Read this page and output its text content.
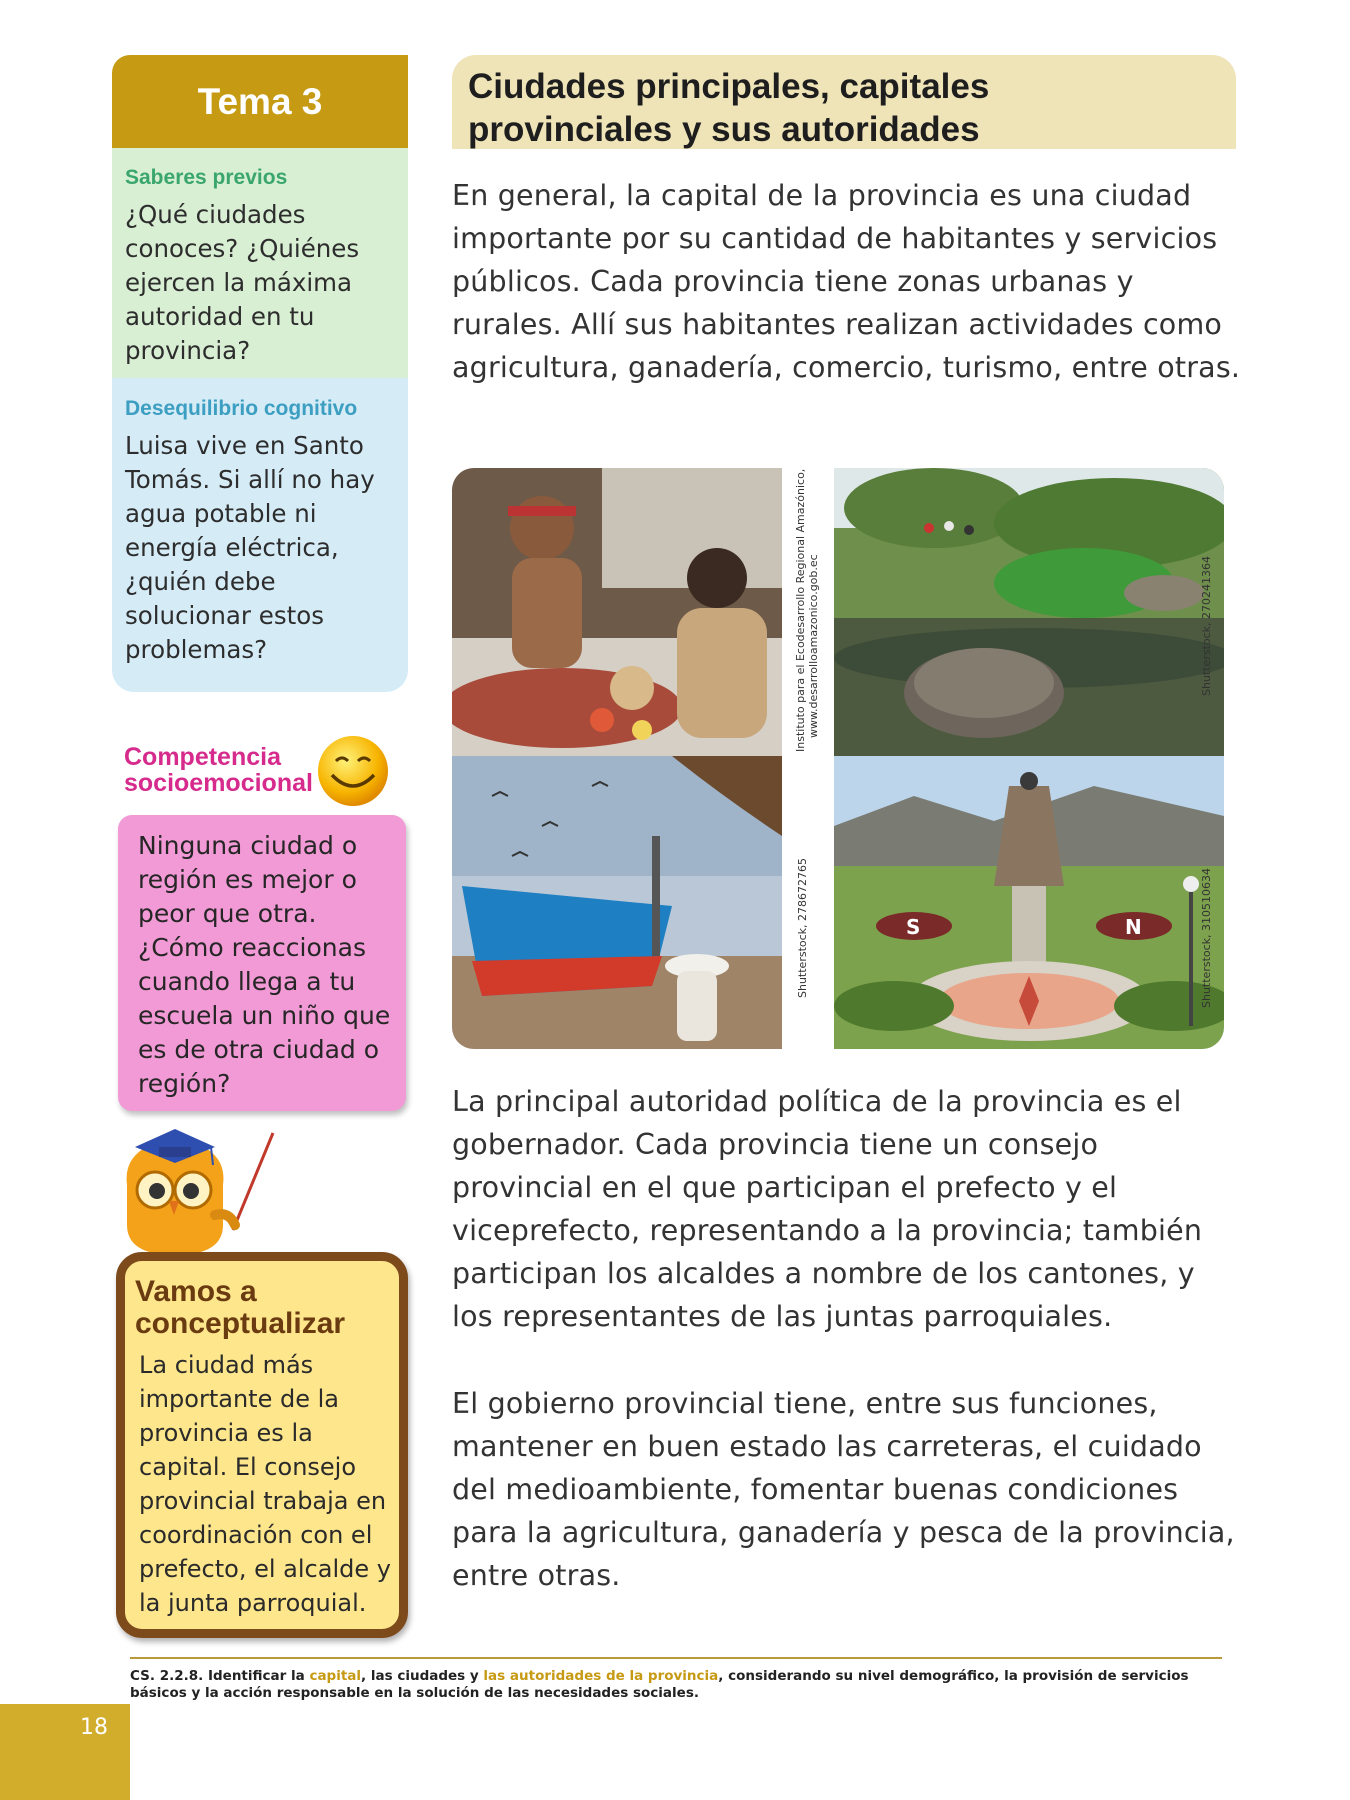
Tema 3
Saberes previos
¿Qué ciudades conoces? ¿Quiénes ejercen la máxima autoridad en tu provincia?
Desequilibrio cognitivo
Luisa vive en Santo Tomás. Si allí no hay agua potable ni energía eléctrica, ¿quién debe solucionar estos problemas?
Competencia
socioemocional
Ninguna ciudad o región es mejor o peor que otra. ¿Cómo reaccionas cuando llega a tu escuela un niño que es de otra ciudad o región?
Vamos a conceptualizar
La ciudad más importante de la provincia es la capital. El consejo provincial trabaja en coordinación con el prefecto, el alcalde y la junta parroquial.
Ciudades principales, capitales
provinciales y sus autoridades
En general, la capital de la provincia es una ciudad importante por su cantidad de habitantes y servicios públicos. Cada provincia tiene zonas urbanas y rurales. Allí sus habitantes realizan actividades como agricultura, ganadería, comercio, turismo, entre otras.
Instituto para el Ecodesarrollo Regional Amazónico, www.desarrolloamazonico.gob.ec	Shutterstock, 270241364
Shutterstock, 278672765	S	N	Shutterstock, 310510634
La principal autoridad política de la provincia es el gobernador. Cada provincia tiene un consejo provincial en el que participan el prefecto y el viceprefecto, representando a la provincia; también participan los alcaldes a nombre de los cantones, y los representantes de las juntas parroquiales.
El gobierno provincial tiene, entre sus funciones, mantener en buen estado las carreteras, el cuidado del medioambiente, fomentar buenas condiciones para la agricultura, ganadería y pesca de la provincia, entre otras.
CS. 2.2.8. Identificar la capital, las ciudades y las autoridades de la provincia, considerando su nivel demográfico, la provisión de servicios básicos y la acción responsable en la solución de las necesidades sociales.
18
